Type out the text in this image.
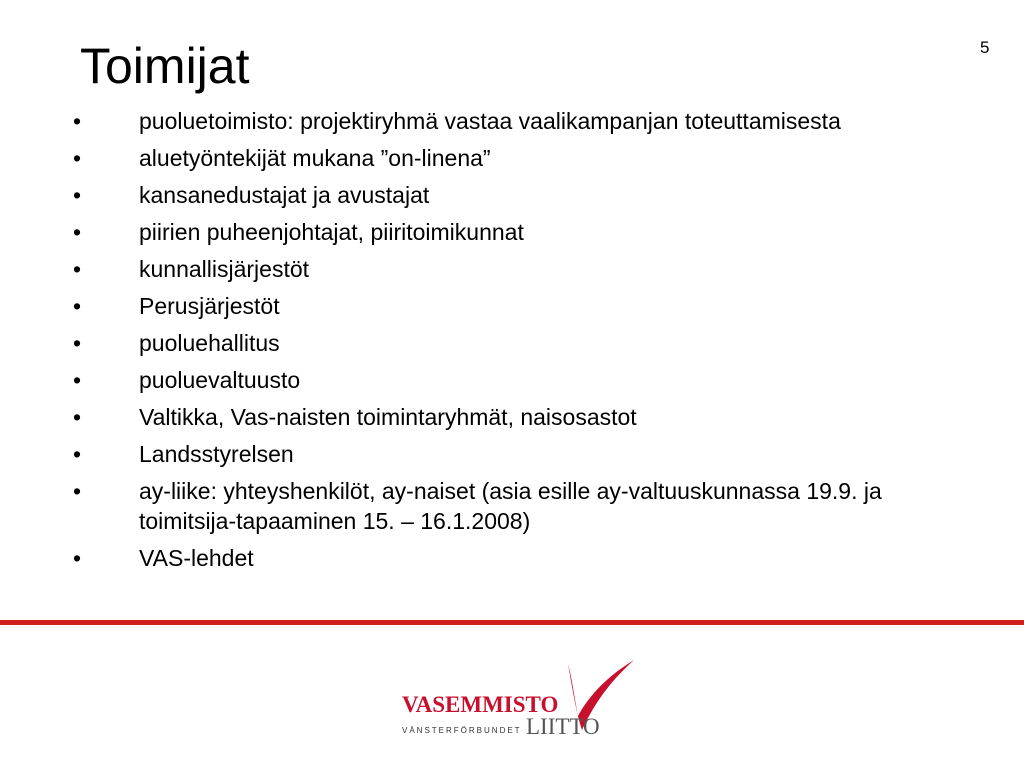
Toimijat	5
•	puoluetoimisto: projektiryhmä vastaa vaalikampanjan toteuttamisesta
•	aluetyöntekijät mukana ”on-linena”
•	kansanedustajat ja avustajat
•	piirien puheenjohtajat, piiritoimikunnat
•	kunnallisjärjestöt
•	Perusjärjestöt
•	puoluehallitus
•	puoluevaltuusto
•	Valtikka, Vas-naisten toimintaryhmät, naisosastot
•	Landsstyrelsen
•	ay-liike: yhteyshenkilöt, ay-naiset (asia esille ay-valtuuskunnassa 19.9. ja toimitsija-tapaaminen 15. – 16.1.2008)
•	VAS-lehdet
VASEMMISTO
LIITTO
VÄNSTERFÖRBUNDET
